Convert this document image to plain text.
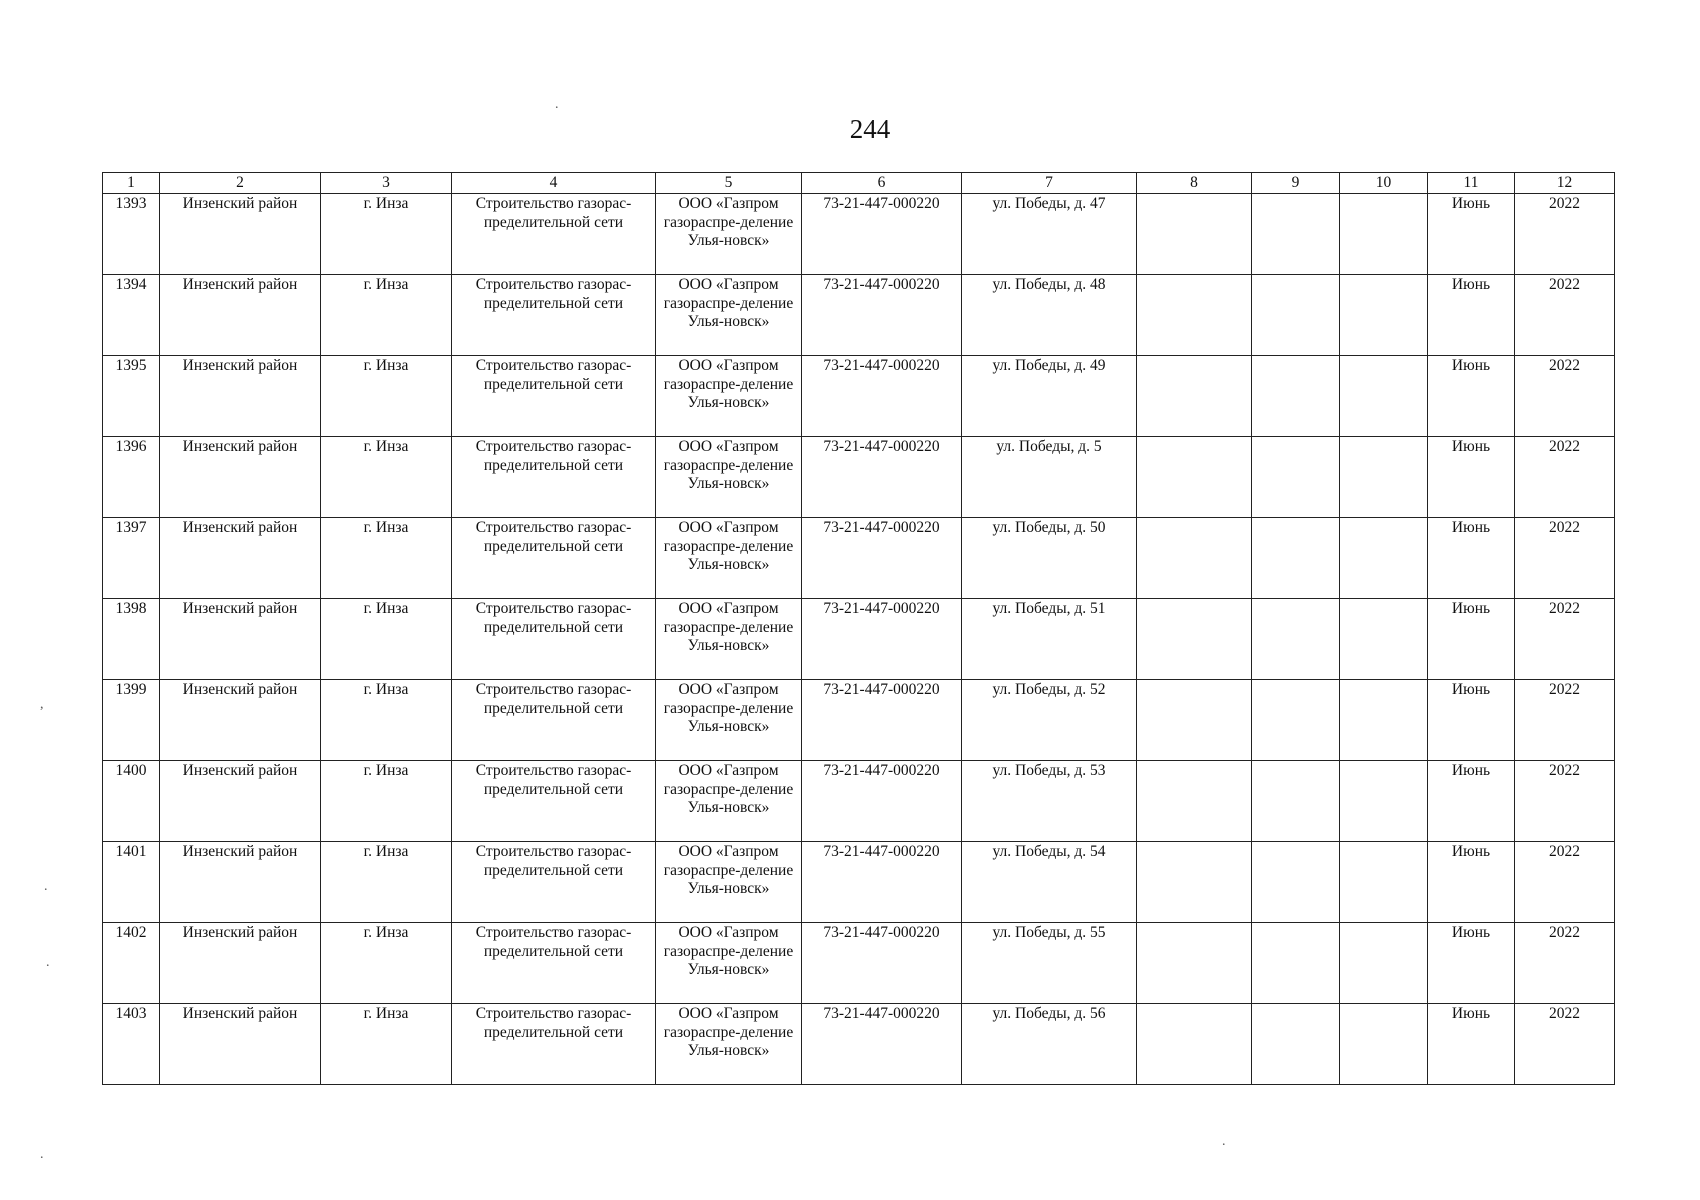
244
1	2	3	4	5	6	7	8	9	10	11	12
1393	Инзенский район	г. Инза	Строительство газорас-пределительной сети	ООО «Газпром газораспре-деление Улья-новск»	73-21-447-000220	ул. Победы, д. 47				Июнь	2022
1394	Инзенский район	г. Инза	Строительство газорас-пределительной сети	ООО «Газпром газораспре-деление Улья-новск»	73-21-447-000220	ул. Победы, д. 48				Июнь	2022
1395	Инзенский район	г. Инза	Строительство газорас-пределительной сети	ООО «Газпром газораспре-деление Улья-новск»	73-21-447-000220	ул. Победы, д. 49				Июнь	2022
1396	Инзенский район	г. Инза	Строительство газорас-пределительной сети	ООО «Газпром газораспре-деление Улья-новск»	73-21-447-000220	ул. Победы, д. 5				Июнь	2022
1397	Инзенский район	г. Инза	Строительство газорас-пределительной сети	ООО «Газпром газораспре-деление Улья-новск»	73-21-447-000220	ул. Победы, д. 50				Июнь	2022
1398	Инзенский район	г. Инза	Строительство газорас-пределительной сети	ООО «Газпром газораспре-деление Улья-новск»	73-21-447-000220	ул. Победы, д. 51				Июнь	2022
1399	Инзенский район	г. Инза	Строительство газорас-пределительной сети	ООО «Газпром газораспре-деление Улья-новск»	73-21-447-000220	ул. Победы, д. 52				Июнь	2022
1400	Инзенский район	г. Инза	Строительство газорас-пределительной сети	ООО «Газпром газораспре-деление Улья-новск»	73-21-447-000220	ул. Победы, д. 53				Июнь	2022
1401	Инзенский район	г. Инза	Строительство газорас-пределительной сети	ООО «Газпром газораспре-деление Улья-новск»	73-21-447-000220	ул. Победы, д. 54				Июнь	2022
1402	Инзенский район	г. Инза	Строительство газорас-пределительной сети	ООО «Газпром газораспре-деление Улья-новск»	73-21-447-000220	ул. Победы, д. 55				Июнь	2022
1403	Инзенский район	г. Инза	Строительство газорас-пределительной сети	ООО «Газпром газораспре-деление Улья-новск»	73-21-447-000220	ул. Победы, д. 56				Июнь	2022
.
,
.
.
.
.
